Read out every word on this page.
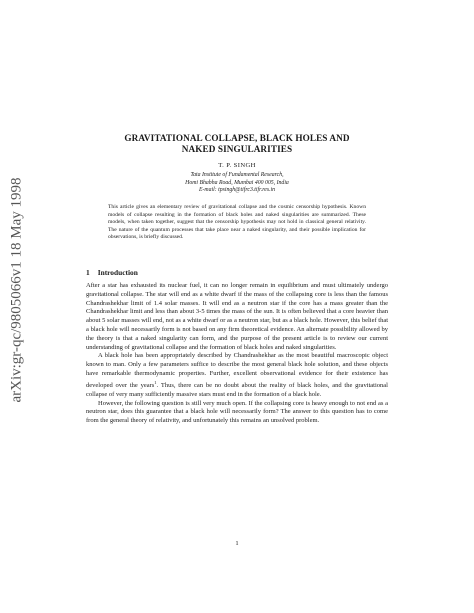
arXiv:gr-qc/9805066v1 18 May 1998
GRAVITATIONAL COLLAPSE, BLACK HOLES AND
NAKED SINGULARITIES
T. P. SINGH
Tata Institute of Fundamental Research,
Homi Bhabha Road, Mumbai 400 005, India
E-mail: tpsingh@tifrc3.tifr.res.in
This article gives an elementary review of gravitational collapse and the cosmic censorship hypothesis. Known models of collapse resulting in the formation of black holes and naked singularities are summarized. These models, when taken together, suggest that the censorship hypothesis may not hold in classical general relativity. The nature of the quantum processes that take place near a naked singularity, and their possible implication for observations, is briefly discussed.
1 Introduction

After a star has exhausted its nuclear fuel, it can no longer remain in equilibrium and must ultimately undergo gravitational collapse. The star will end as a white dwarf if the mass of the collapsing core is less than the famous Chandrashekhar limit of 1.4 solar masses. It will end as a neutron star if the core has a mass greater than the Chandrashekhar limit and less than about 3-5 times the mass of the sun. It is often believed that a core heavier than about 5 solar masses will end, not as a white dwarf or as a neutron star, but as a black hole. However, this belief that a black hole will necessarily form is not based on any firm theoretical evidence. An alternate possibility allowed by the theory is that a naked singularity can form, and the purpose of the present article is to review our current understanding of gravitational collapse and the formation of black holes and naked singularities.

A black hole has been appropriately described by Chandrashekhar as the most beautiful macroscopic object known to man. Only a few parameters suffice to describe the most general black hole solution, and these objects have remarkable thermodynamic properties. Further, excellent observational evidence for their existence has developed over the years$^1$. Thus, there can be no doubt about the reality of black holes, and the gravitational collapse of very many sufficiently massive stars must end in the formation of a black hole.

However, the following question is still very much open. If the collapsing core is heavy enough to not end as a neutron star, does this guarantee that a black hole will necessarily form? The answer to this question has to come from the general theory of relativity, and unfortunately this remains an unsolved problem.

1
